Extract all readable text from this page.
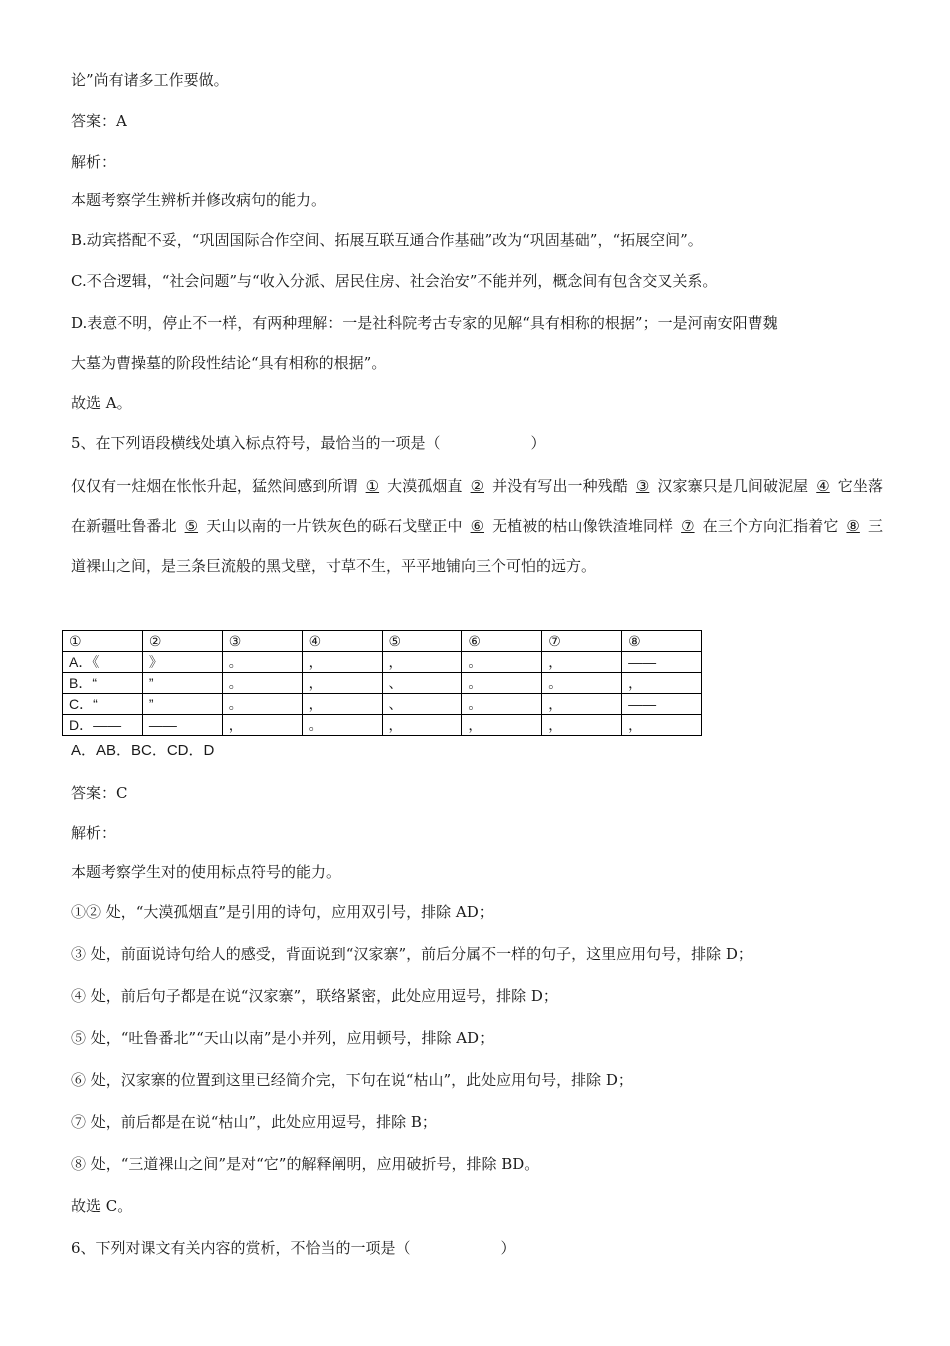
论”尚有诸多工作要做。
答案：A
解析：
本题考察学生辨析并修改病句的能力。
B.动宾搭配不妥，“巩固国际合作空间、拓展互联互通合作基础”改为“巩固基础”，“拓展空间”。
C.不合逻辑，“社会问题”与“收入分派、居民住房、社会治安”不能并列，概念间有包含交叉关系。
D.表意不明，停止不一样，有两种理解：一是社科院考古专家的见解“具有相称的根据”；一是河南安阳曹魏
大墓为曹操墓的阶段性结论“具有相称的根据”。
故选 A。
5、在下列语段横线处填入标点符号，最恰当的一项是（	）
仅仅有一炷烟在怅怅升起，猛然间感到所谓 ① 大漠孤烟直 ② 并没有写出一种残酷 ③ 汉家寨只是几间破泥屋 ④ 它坐落在新疆吐鲁番北 ⑤ 天山以南的一片铁灰色的砾石戈壁正中 ⑥ 无植被的枯山像铁渣堆同样 ⑦ 在三个方向汇指着它 ⑧ 三道裸山之间，是三条巨流般的黑戈壁，寸草不生，平平地铺向三个可怕的远方。
①	②	③	④	⑤	⑥	⑦	⑧
A．《	》	。	，	，	。	，	——
B．“	”	。	，	、	。	。	，
C．“	”	。	，	、	。	，	——
D．——	——	，	。	，	，	，	，
A．AB．BC．CD．D
答案：C
解析：
本题考察学生对的使用标点符号的能力。
①② 处，“大漠孤烟直”是引用的诗句，应用双引号，排除 AD；
③ 处，前面说诗句给人的感受，背面说到“汉家寨”，前后分属不一样的句子，这里应用句号，排除 D；
④ 处，前后句子都是在说“汉家寨”，联络紧密，此处应用逗号，排除 D；
⑤ 处，“吐鲁番北”“天山以南”是小并列，应用顿号，排除 AD；
⑥ 处，汉家寨的位置到这里已经简介完，下句在说“枯山”，此处应用句号，排除 D；
⑦ 处，前后都是在说“枯山”，此处应用逗号，排除 B；
⑧ 处，“三道裸山之间”是对“它”的解释阐明，应用破折号，排除 BD。
故选 C。
6、下列对课文有关内容的赏析，不恰当的一项是（	）
